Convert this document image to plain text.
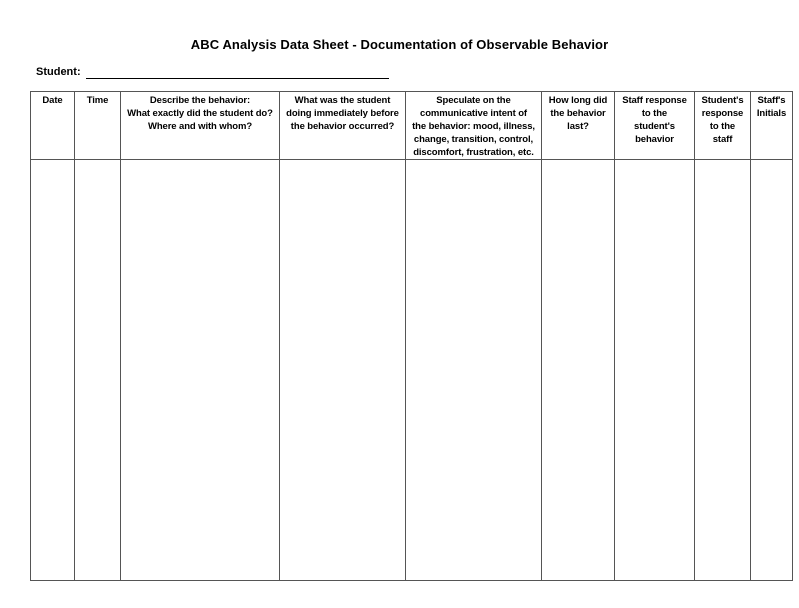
ABC Analysis Data Sheet - Documentation of Observable Behavior
Student:
Date	Time	Describe the behavior:
What exactly did the student do?
Where and with whom?	What was the student
doing immediately before
the behavior occurred?	Speculate on the
communicative intent of
the behavior: mood, illness,
change, transition, control,
discomfort, frustration, etc.	How long did
the behavior
last?	Staff response
to the
student's
behavior	Student's
response
to the
staff	Staff's
Initials
